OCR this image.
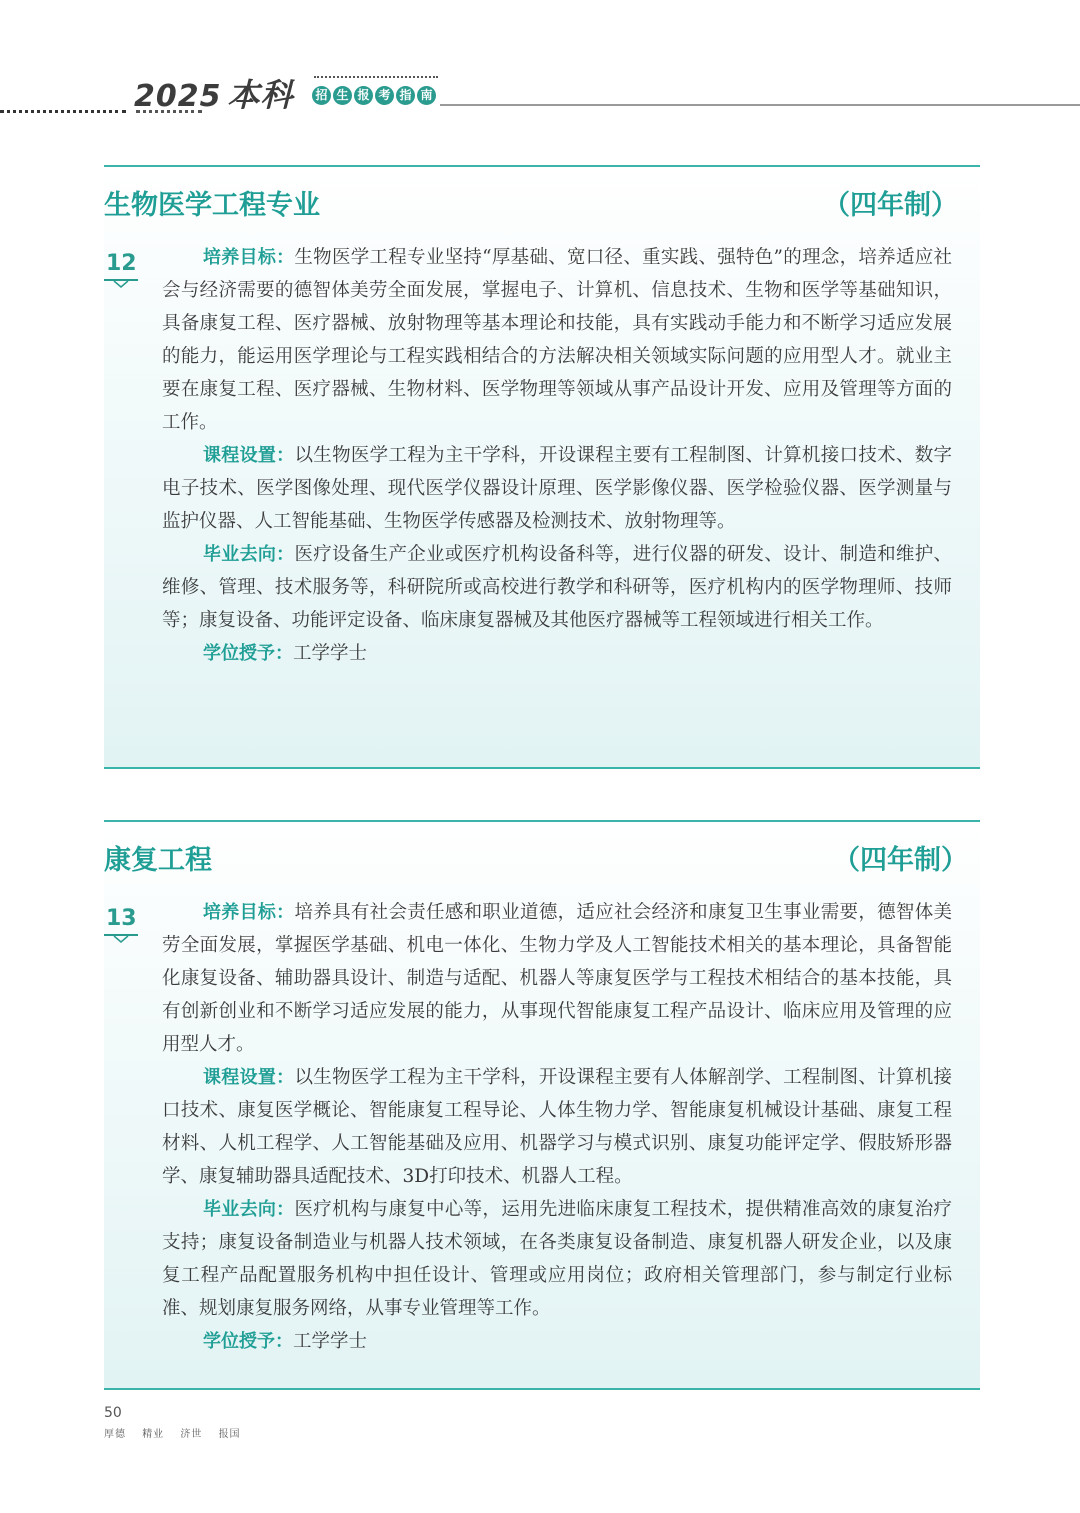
2025 本科 招 生 报 考 指 南
生物医学工程专业	（四年制）
12	培养目标：生物医学工程专业坚持“厚基础、宽口径、重实践、强特色”的理念，培养适应社会与经济需要的德智体美劳全面发展，掌握电子、计算机、信息技术、生物和医学等基础知识，具备康复工程、医疗器械、放射物理等基本理论和技能，具有实践动手能力和不断学习适应发展的能力，能运用医学理论与工程实践相结合的方法解决相关领域实际问题的应用型人才。就业主要在康复工程、医疗器械、生物材料、医学物理等领域从事产品设计开发、应用及管理等方面的工作。

课程设置：以生物医学工程为主干学科，开设课程主要有工程制图、计算机接口技术、数字电子技术、医学图像处理、现代医学仪器设计原理、医学影像仪器、医学检验仪器、医学测量与监护仪器、人工智能基础、生物医学传感器及检测技术、放射物理等。

毕业去向：医疗设备生产企业或医疗机构设备科等，进行仪器的研发、设计、制造和维护、维修、管理、技术服务等，科研院所或高校进行教学和科研等，医疗机构内的医学物理师、技师等；康复设备、功能评定设备、临床康复器械及其他医疗器械等工程领域进行相关工作。

学位授予：工学学士

康复工程	（四年制）
13	培养目标：培养具有社会责任感和职业道德，适应社会经济和康复卫生事业需要，德智体美劳全面发展，掌握医学基础、机电一体化、生物力学及人工智能技术相关的基本理论，具备智能化康复设备、辅助器具设计、制造与适配、机器人等康复医学与工程技术相结合的基本技能，具有创新创业和不断学习适应发展的能力，从事现代智能康复工程产品设计、临床应用及管理的应用型人才。

课程设置：以生物医学工程为主干学科，开设课程主要有人体解剖学、工程制图、计算机接口技术、康复医学概论、智能康复工程导论、人体生物力学、智能康复机械设计基础、康复工程材料、人机工程学、人工智能基础及应用、机器学习与模式识别、康复功能评定学、假肢矫形器学、康复辅助器具适配技术、3D打印技术、机器人工程。

毕业去向：医疗机构与康复中心等，运用先进临床康复工程技术，提供精准高效的康复治疗支持；康复设备制造业与机器人技术领域，在各类康复设备制造、康复机器人研发企业，以及康复工程产品配置服务机构中担任设计、管理或应用岗位；政府相关管理部门，参与制定行业标准、规划康复服务网络，从事专业管理等工作。

学位授予：工学学士

50
厚德 精业 济世 报国
